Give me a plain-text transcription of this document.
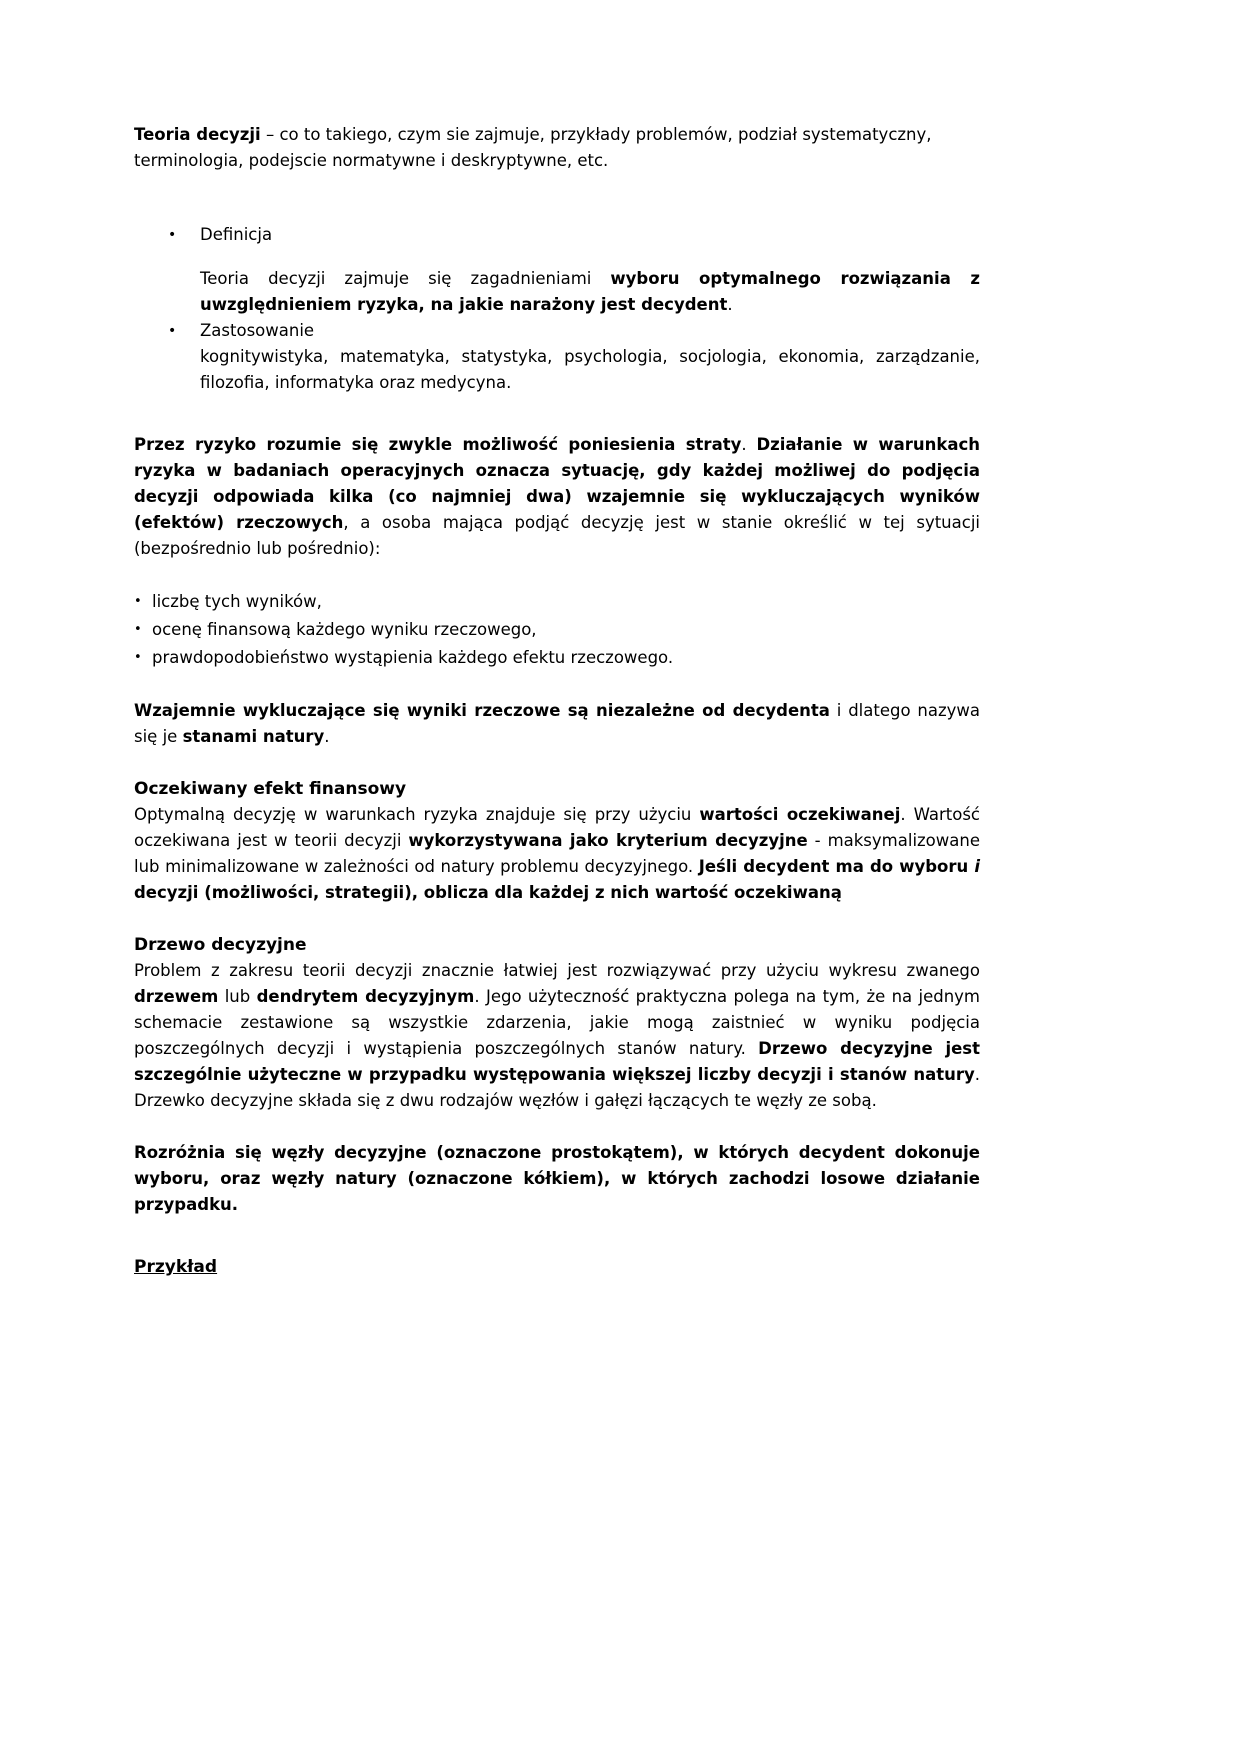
Teoria decyzji – co to takiego, czym sie zajmuje, przykłady problemów, podział systematyczny, terminologia, podejscie normatywne i deskryptywne, etc.

•	Definicja

Teoria decyzji zajmuje się zagadnieniami wyboru optymalnego rozwiązania z uwzględnieniem ryzyka, na jakie narażony jest decydent.

•	Zastosowanie

kognitywistyka, matematyka, statystyka, psychologia, socjologia, ekonomia, zarządzanie, filozofia, informatyka oraz medycyna.

Przez ryzyko rozumie się zwykle możliwość poniesienia straty. Działanie w warunkach ryzyka w badaniach operacyjnych oznacza sytuację, gdy każdej możliwej do podjęcia decyzji odpowiada kilka (co najmniej dwa) wzajemnie się wykluczających wyników (efektów) rzeczowych, a osoba mająca podjąć decyzję jest w stanie określić w tej sytuacji (bezpośrednio lub pośrednio):

• liczbę tych wyników,
• ocenę finansową każdego wyniku rzeczowego,
• prawdopodobieństwo wystąpienia każdego efektu rzeczowego.

Wzajemnie wykluczające się wyniki rzeczowe są niezależne od decydenta i dlatego nazywa się je stanami natury.

Oczekiwany efekt finansowy

Optymalną decyzję w warunkach ryzyka znajduje się przy użyciu wartości oczekiwanej. Wartość oczekiwana jest w teorii decyzji wykorzystywana jako kryterium decyzyjne - maksymalizowane lub minimalizowane w zależności od natury problemu decyzyjnego. Jeśli decydent ma do wyboru i decyzji (możliwości, strategii), oblicza dla każdej z nich wartość oczekiwaną

Drzewo decyzyjne

Problem z zakresu teorii decyzji znacznie łatwiej jest rozwiązywać przy użyciu wykresu zwanego drzewem lub dendrytem decyzyjnym. Jego użyteczność praktyczna polega na tym, że na jednym schemacie zestawione są wszystkie zdarzenia, jakie mogą zaistnieć w wyniku podjęcia poszczególnych decyzji i wystąpienia poszczególnych stanów natury. Drzewo decyzyjne jest szczególnie użyteczne w przypadku występowania większej liczby decyzji i stanów natury. Drzewko decyzyjne składa się z dwu rodzajów węzłów i gałęzi łączących te węzły ze sobą.

Rozróżnia się węzły decyzyjne (oznaczone prostokątem), w których decydent dokonuje wyboru, oraz węzły natury (oznaczone kółkiem), w których zachodzi losowe działanie przypadku.

Przykład
